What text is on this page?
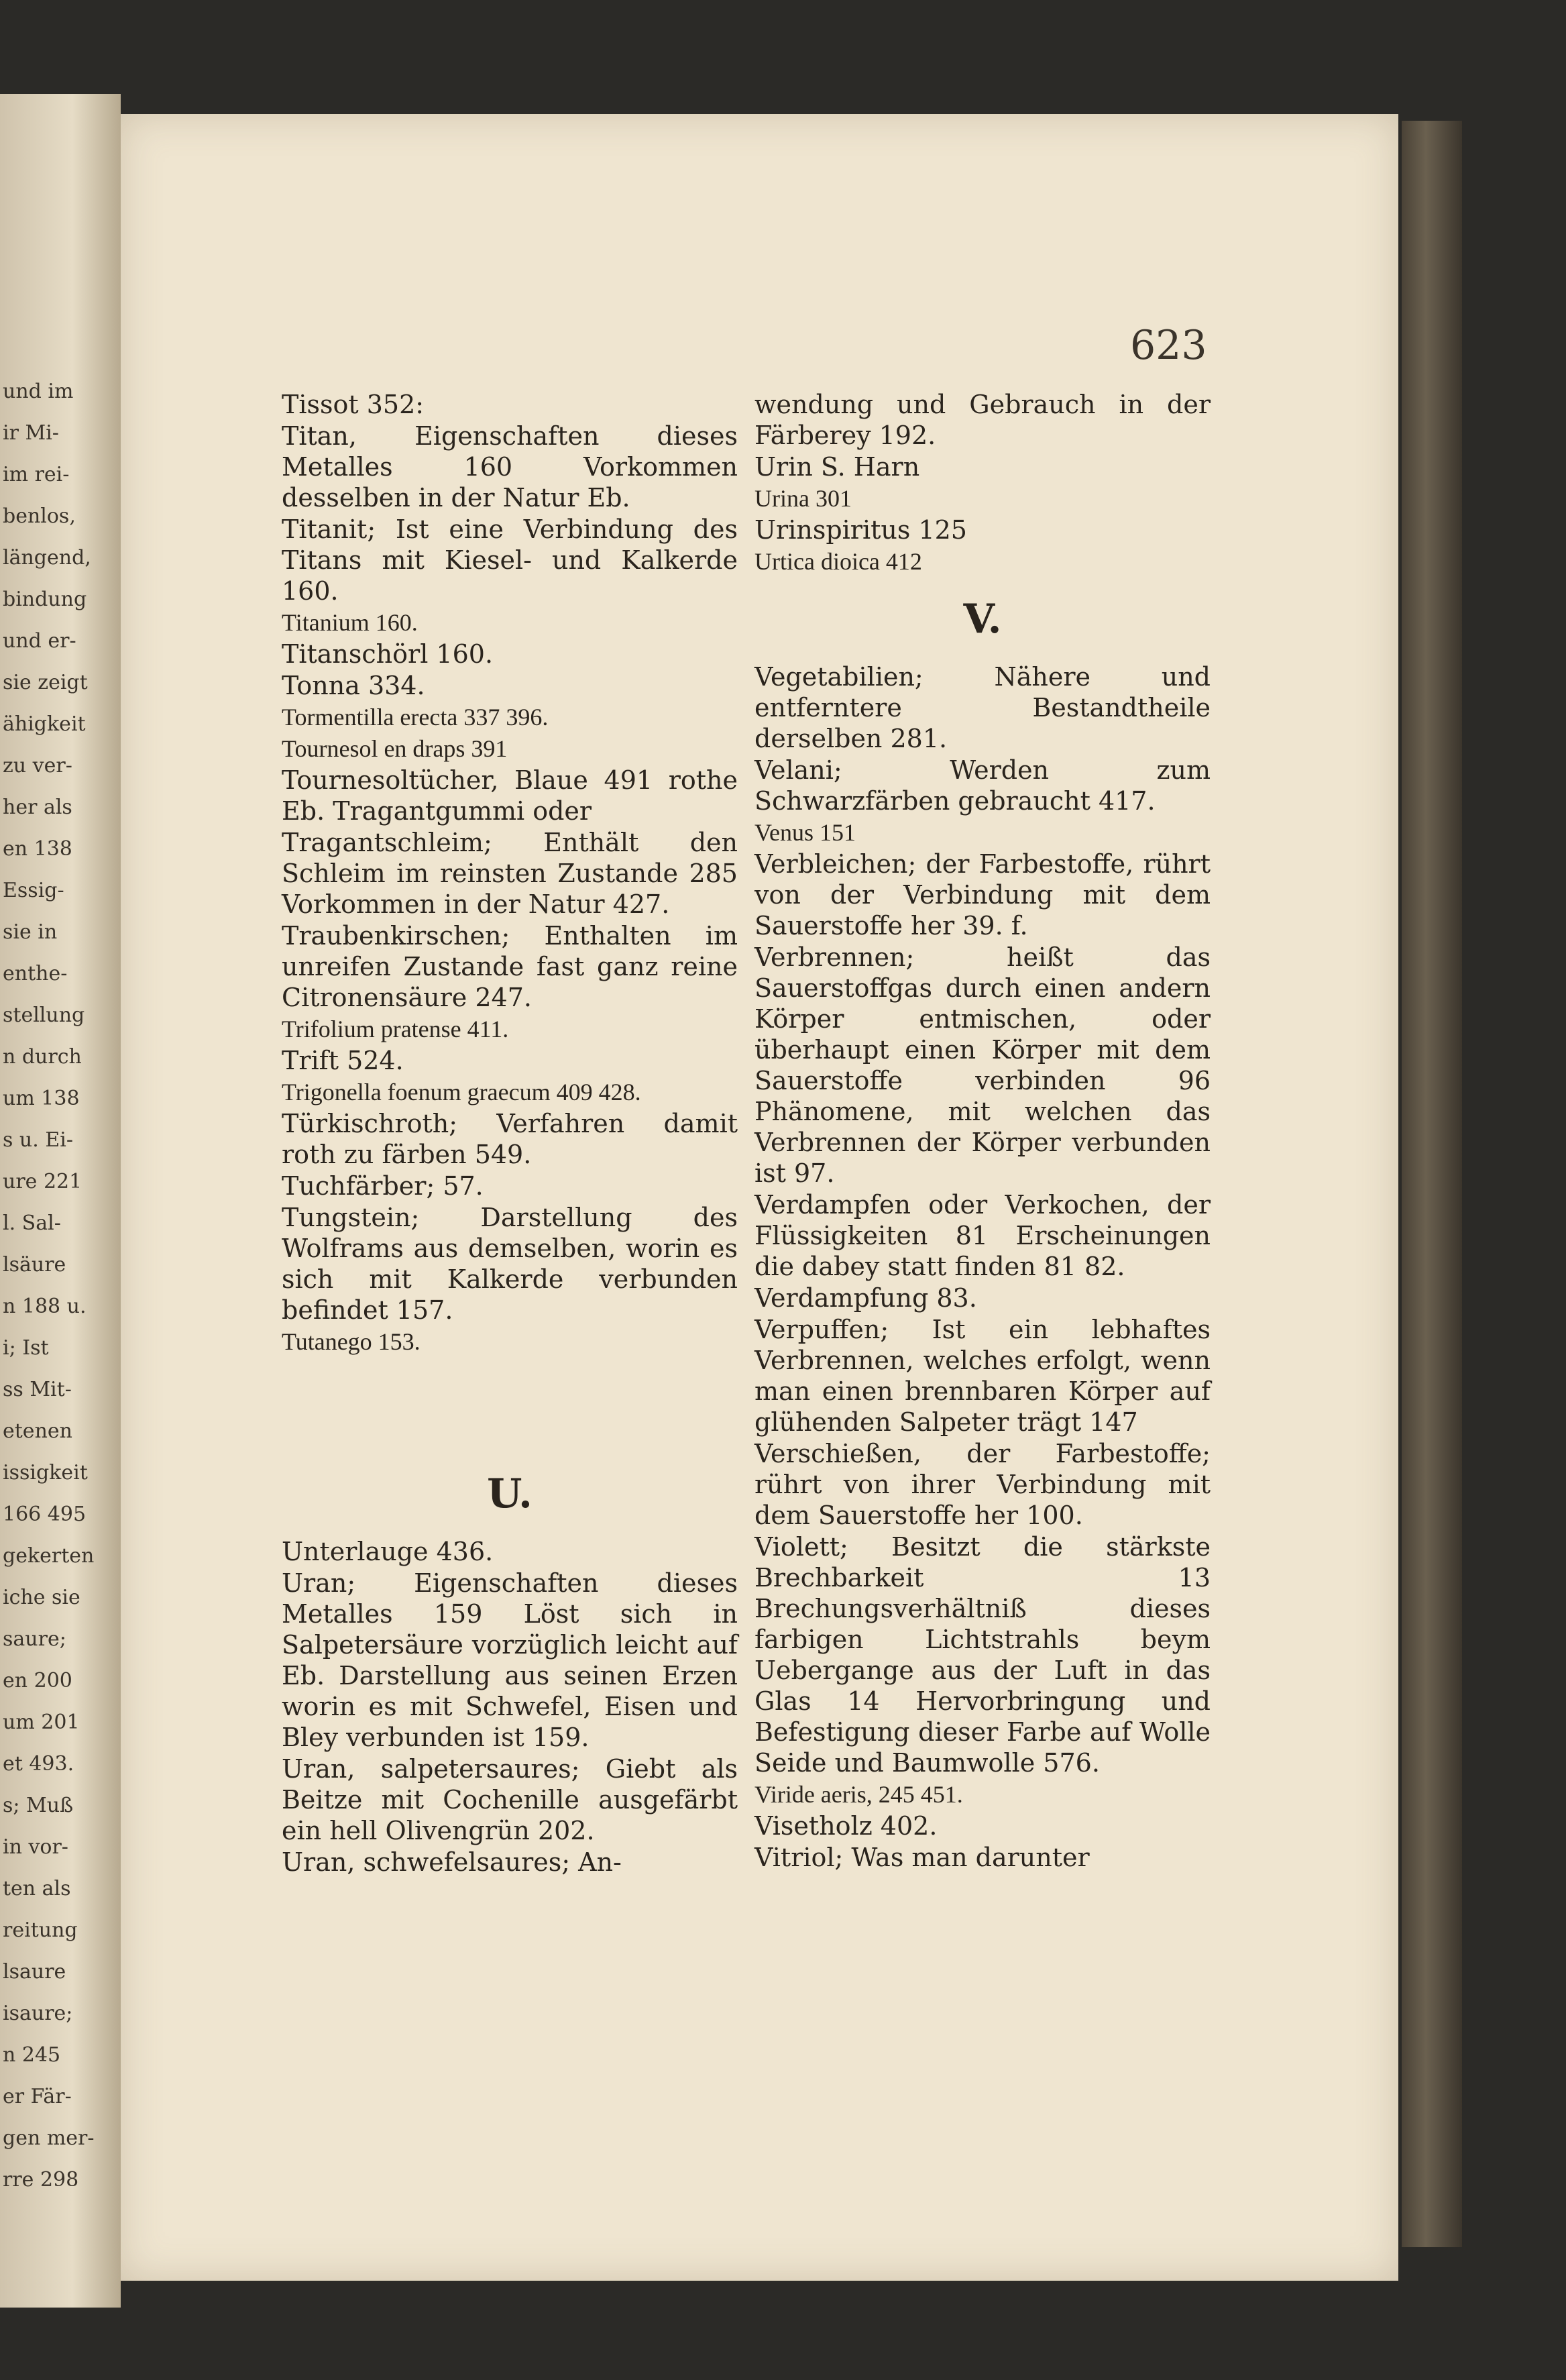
und im
ir Mi-
im rei-
benlos,
längend,
bindung
und er-
sie zeigt
ähigkeit
zu ver-
her als
en 138
Essig-
sie in
enthe-
stellung
n durch
um 138
s u. Ei-
ure 221
l. Sal-
lsäure
n 188 u.
i; Ist
ss Mit-
etenen
issigkeit
166 495
gekerten
iche sie
saure;
en 200
um 201
et 493.
s; Muß
in vor-
ten als
reitung
lsaure
isaure;
n 245
er Fär-
gen mer-
rre 298
623
Tissot 352:
Titan, Eigenschaften dieses Metalles 160 Vorkommen desselben in der Natur Eb.
Titanit; Ist eine Verbindung des Titans mit Kiesel- und Kalkerde 160.
Titanium 160.
Titanschörl 160.
Tonna 334.
Tormentilla erecta 337 396.
Tournesol en draps 391
Tournesoltücher, Blaue 491 rothe Eb. Tragantgummi oder
Tragantschleim; Enthält den Schleim im reinsten Zustande 285 Vorkommen in der Natur 427.
Traubenkirschen; Enthalten im unreifen Zustande fast ganz reine Citronensäure 247.
Trifolium pratense 411.
Trift 524.
Trigonella foenum graecum 409 428.
Türkischroth; Verfahren damit roth zu färben 549.
Tuchfärber; 57.
Tungstein; Darstellung des Wolframs aus demselben, worin es sich mit Kalkerde verbunden befindet 157.
Tutanego 153.
U.
Unterlauge 436.
Uran; Eigenschaften dieses Metalles 159 Löst sich in Salpetersäure vorzüglich leicht auf Eb. Darstellung aus seinen Erzen worin es mit Schwefel, Eisen und Bley verbunden ist 159.
Uran, salpetersaures; Giebt als Beitze mit Cochenille ausgefärbt ein hell Olivengrün 202.
Uran, schwefelsaures; An-
wendung und Gebrauch in der Färberey 192.
Urin S. Harn
Urina 301
Urinspiritus 125
Urtica dioica 412
V.
Vegetabilien; Nähere und entferntere Bestandtheile derselben 281.
Velani; Werden zum Schwarzfärben gebraucht 417.
Venus 151
Verbleichen; der Farbestoffe, rührt von der Verbindung mit dem Sauerstoffe her 39. f.
Verbrennen; heißt das Sauerstoffgas durch einen andern Körper entmischen, oder überhaupt einen Körper mit dem Sauerstoffe verbinden 96 Phänomene, mit welchen das Verbrennen der Körper verbunden ist 97.
Verdampfen oder Verkochen, der Flüssigkeiten 81 Erscheinungen die dabey statt finden 81 82.
Verdampfung 83.
Verpuffen; Ist ein lebhaftes Verbrennen, welches erfolgt, wenn man einen brennbaren Körper auf glühenden Salpeter trägt 147
Verschießen, der Farbestoffe; rührt von ihrer Verbindung mit dem Sauerstoffe her 100.
Violett; Besitzt die stärkste Brechbarkeit 13 Brechungsverhältniß dieses farbigen Lichtstrahls beym Uebergange aus der Luft in das Glas 14 Hervorbringung und Befestigung dieser Farbe auf Wolle Seide und Baumwolle 576.
Viride aeris, 245 451.
Visetholz 402.
Vitriol; Was man darunter
